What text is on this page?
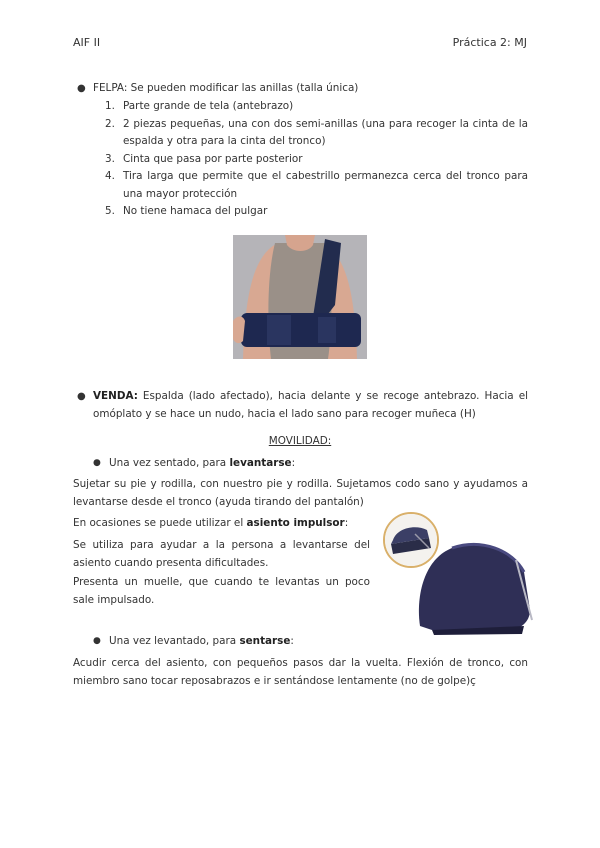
AIF II	Práctica 2: MJ
● FELPA: Se pueden modificar las anillas (talla única)
1. Parte grande de tela (antebrazo)
2. 2 piezas pequeñas, una con dos semi-anillas (una para recoger la cinta de la espalda y otra para la cinta del tronco)
3. Cinta que pasa por parte posterior
4. Tira larga que permite que el cabestrillo permanezca cerca del tronco para una mayor protección
5. No tiene hamaca del pulgar
● VENDA: Espalda (lado afectado), hacia delante y se recoge antebrazo. Hacia el omóplato y se hace un nudo, hacia el lado sano para recoger muñeca (H)
MOVILIDAD:
● Una vez sentado, para levantarse:
Sujetar su pie y rodilla, con nuestro pie y rodilla. Sujetamos codo sano y ayudamos a levantarse desde el tronco (ayuda tirando del pantalón)
En ocasiones se puede utilizar el asiento impulsor:
Se utiliza para ayudar a la persona a levantarse del asiento cuando presenta dificultades.
Presenta un muelle, que cuando te levantas un poco sale impulsado.
● Una vez levantado, para sentarse:
Acudir cerca del asiento, con pequeños pasos dar la vuelta. Flexión de tronco, con miembro sano tocar reposabrazos e ir sentándose lentamente (no de golpe)ç
